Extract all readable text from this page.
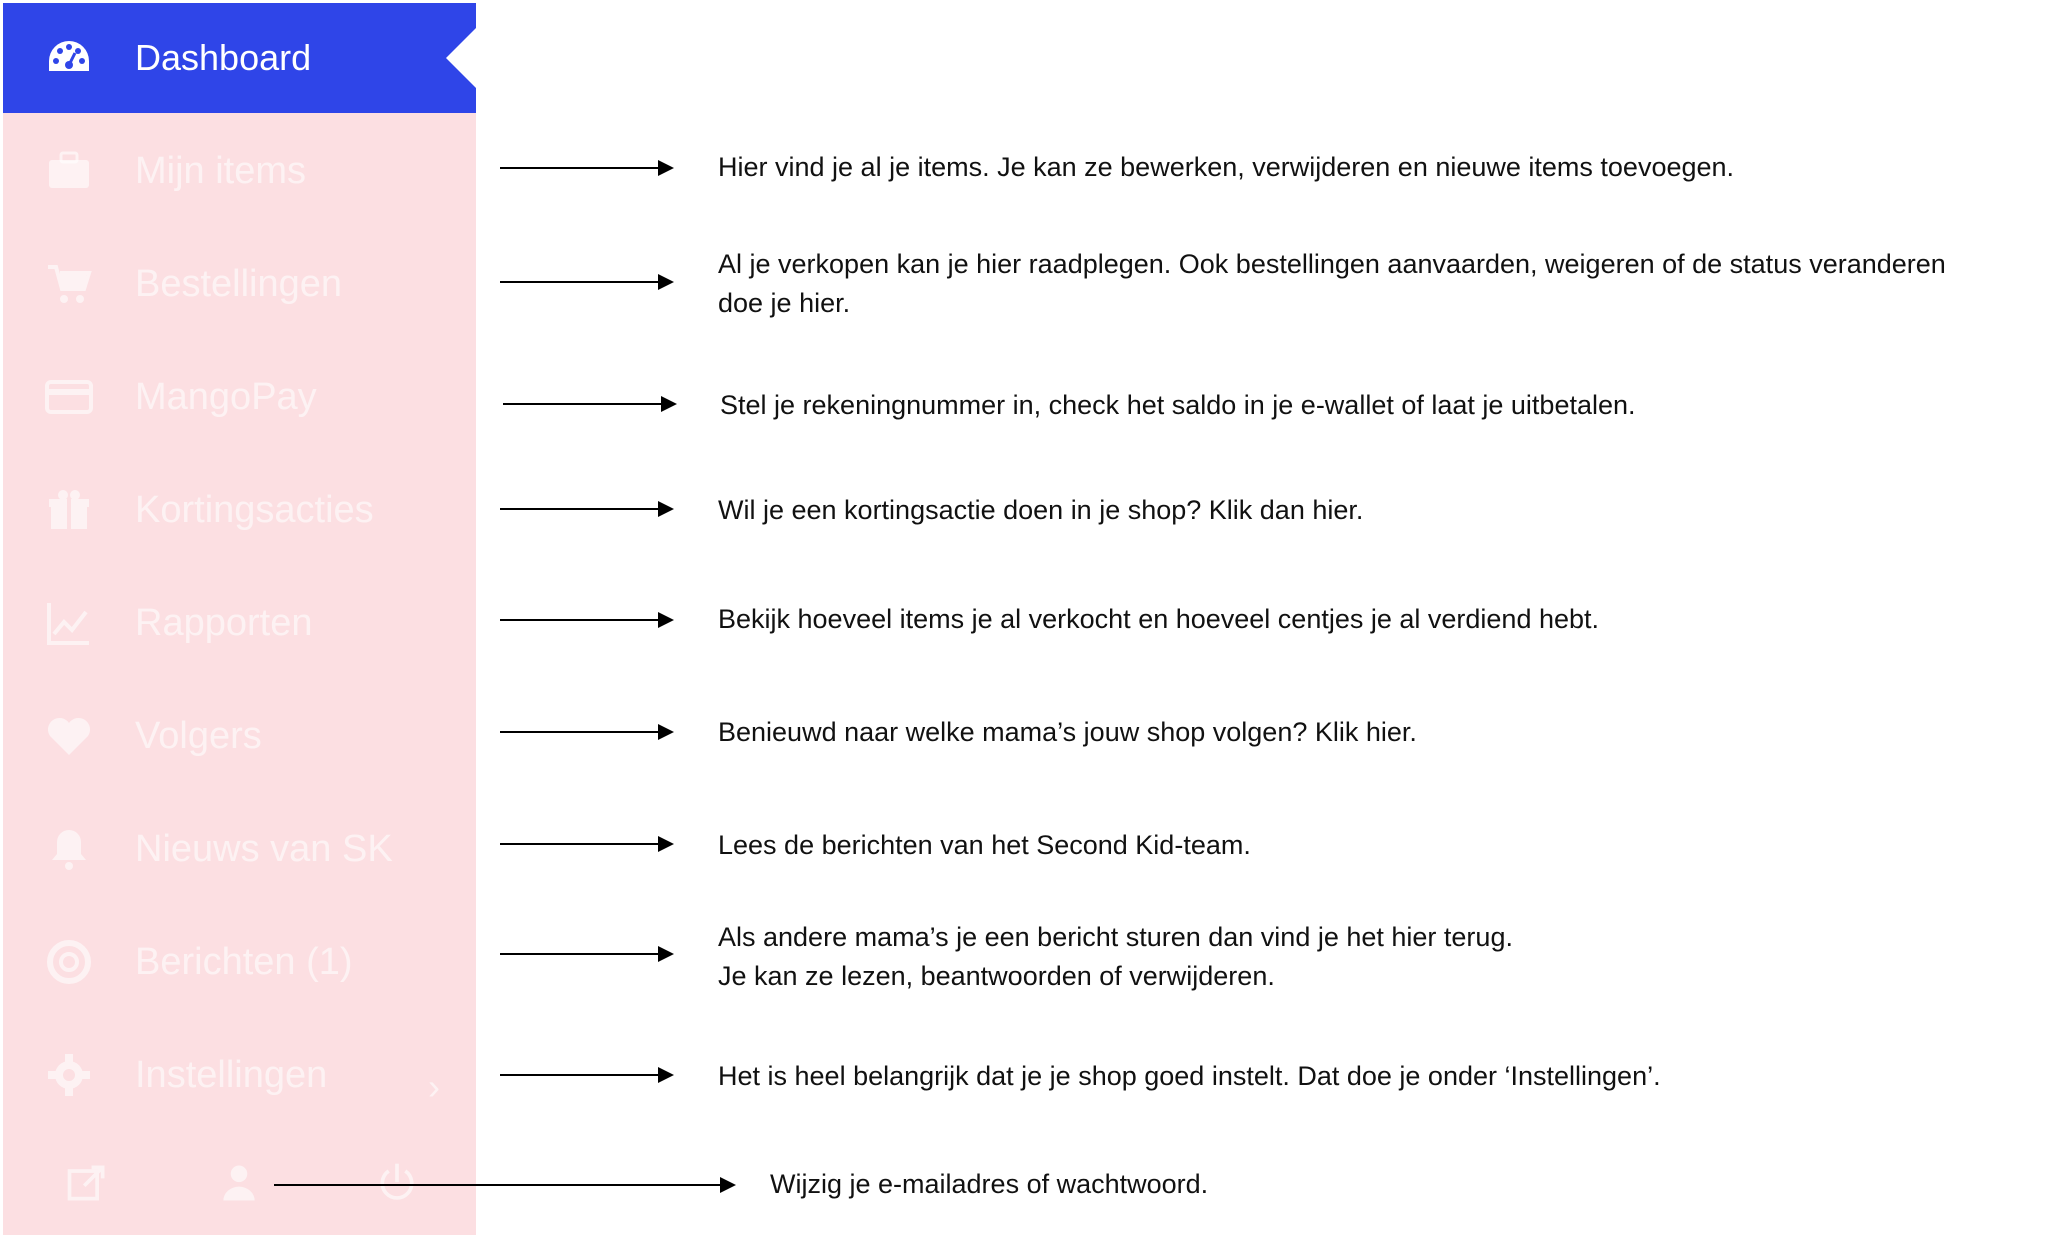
Dashboard
Mijn items
Bestellingen
MangoPay
Kortingsacties
Rapporten
Volgers
Nieuws van SK
Berichten (1)
Instellingen	›
Hier vind je al je items. Je kan ze bewerken, verwijderen en nieuwe items toevoegen.
Al je verkopen kan je hier raadplegen. Ook bestellingen aanvaarden, weigeren of de status veranderen
doe je hier.
Stel je rekeningnummer in, check het saldo in je e-wallet of laat je uitbetalen.
Wil je een kortingsactie doen in je shop? Klik dan hier.
Bekijk hoeveel items je al verkocht en hoeveel centjes je al verdiend hebt.
Benieuwd naar welke mama’s jouw shop volgen? Klik hier.
Lees de berichten van het Second Kid-team.
Als andere mama’s je een bericht sturen dan vind je het hier terug.
Je kan ze lezen, beantwoorden of verwijderen.
Het is heel belangrijk dat je je shop goed instelt. Dat doe je onder ‘Instellingen’.
Wijzig je e-mailadres of wachtwoord.
